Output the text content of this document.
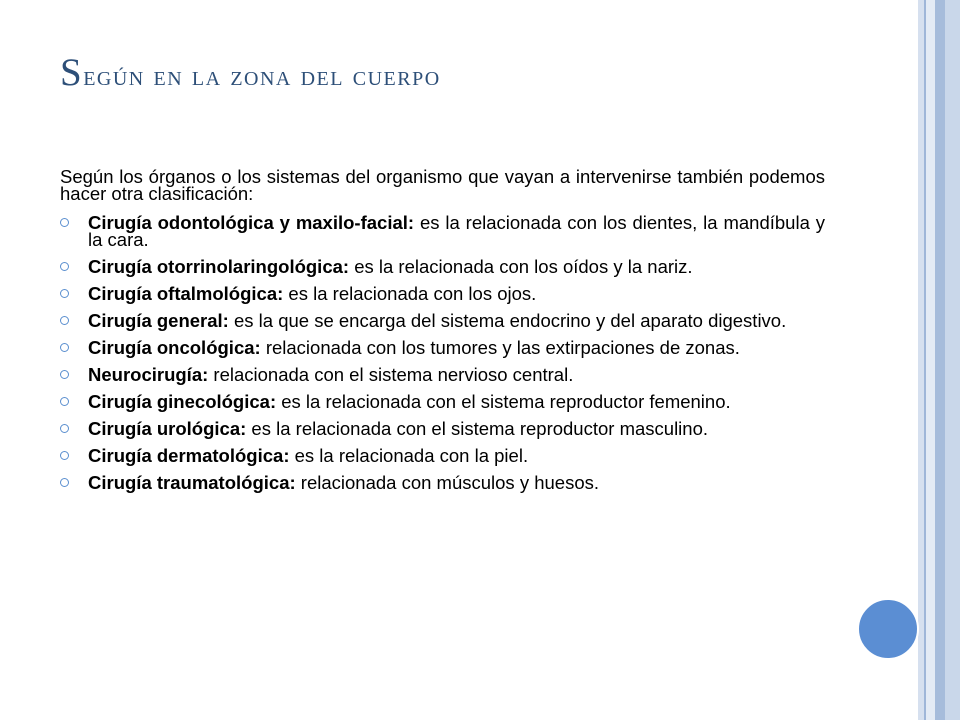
Según en la zona del cuerpo

Según los órganos o los sistemas del organismo que vayan a intervenirse también podemos hacer otra clasificación:

Cirugía odontológica y maxilo-facial: es la relacionada con los dientes, la mandíbula y la cara.
Cirugía otorrinolaringológica: es la relacionada con los oídos y la nariz.
Cirugía oftalmológica: es la relacionada con los ojos.
Cirugía general: es la que se encarga del sistema endocrino y del aparato digestivo.
Cirugía oncológica: relacionada con los tumores y las extirpaciones de zonas.
Neurocirugía: relacionada con el sistema nervioso central.
Cirugía ginecológica: es la relacionada con el sistema reproductor femenino.
Cirugía urológica: es la relacionada con el sistema reproductor masculino.
Cirugía dermatológica: es la relacionada con la piel.
Cirugía traumatológica: relacionada con músculos y huesos.
